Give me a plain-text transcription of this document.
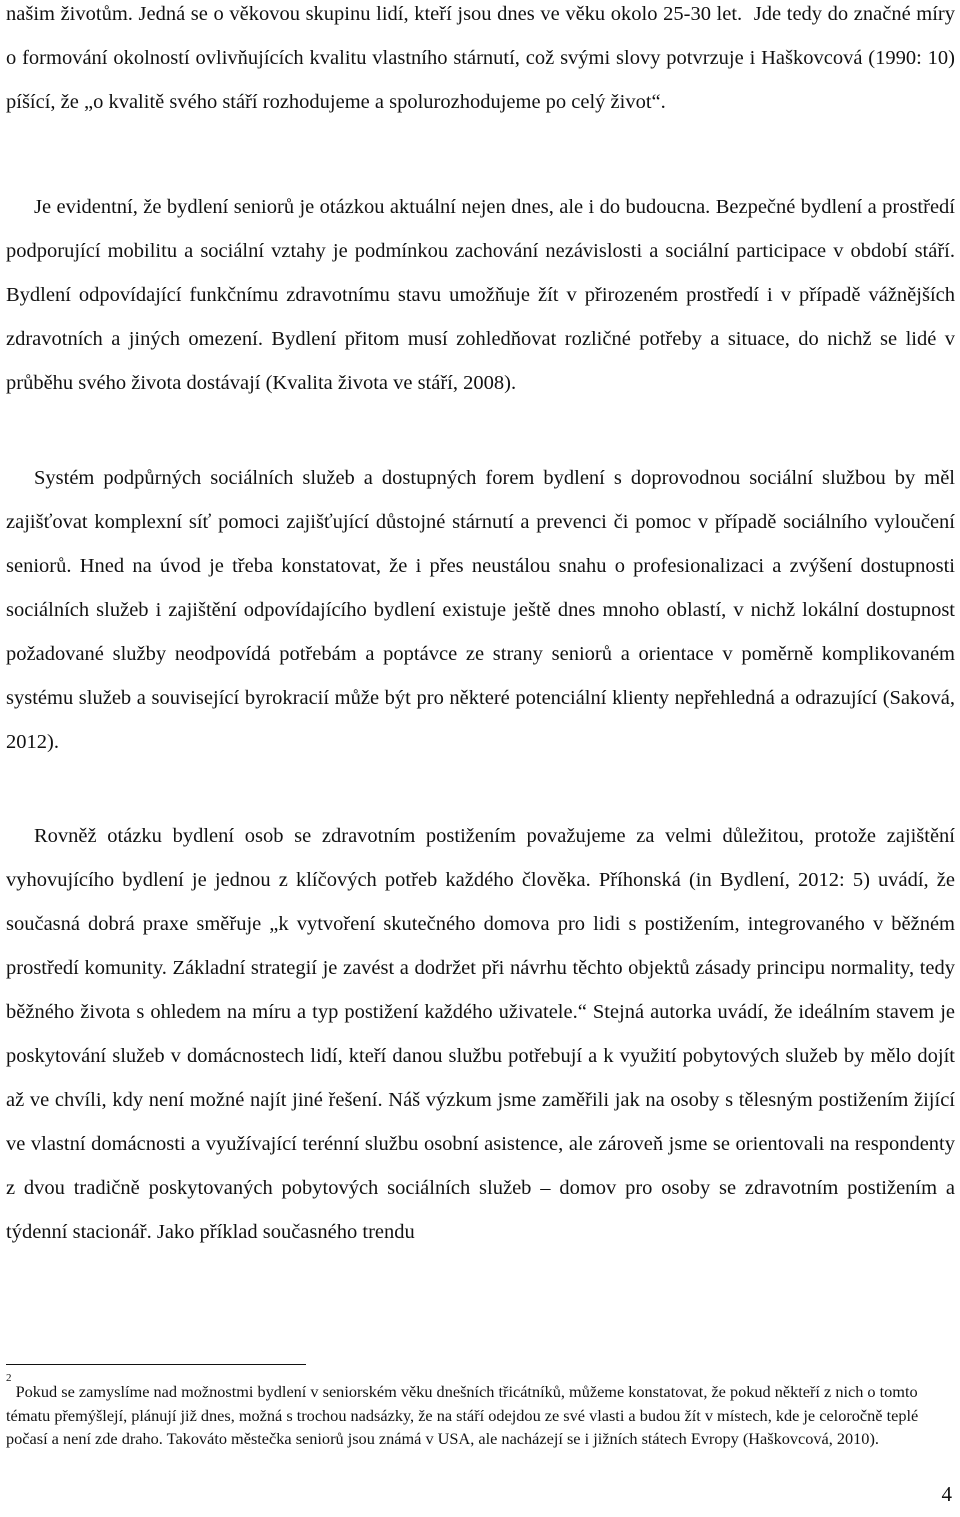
našim životům. Jedná se o věkovou skupinu lidí, kteří jsou dnes ve věku okolo 25-30 let. Jde tedy do značné míry o formování okolností ovlivňujících kvalitu vlastního stárnutí, což svými slovy potvrzuje i Haškovcová (1990: 10) píšící, že „o kvalitě svého stáří rozhodujeme a spolurozhodujeme po celý život“.

Je evidentní, že bydlení seniorů je otázkou aktuální nejen dnes, ale i do budoucna. Bezpečné bydlení a prostředí podporující mobilitu a sociální vztahy je podmínkou zachování nezávislosti a sociální participace v období stáří. Bydlení odpovídající funkčnímu zdravotnímu stavu umožňuje žít v přirozeném prostředí i v případě vážnějších zdravotních a jiných omezení. Bydlení přitom musí zohledňovat rozličné potřeby a situace, do nichž se lidé v průběhu svého života dostávají (Kvalita života ve stáří, 2008).

Systém podpůrných sociálních služeb a dostupných forem bydlení s doprovodnou sociální službou by měl zajišťovat komplexní síť pomoci zajišťující důstojné stárnutí a prevenci či pomoc v případě sociálního vyloučení seniorů. Hned na úvod je třeba konstatovat, že i přes neustálou snahu o profesionalizaci a zvýšení dostupnosti sociálních služeb i zajištění odpovídajícího bydlení existuje ještě dnes mnoho oblastí, v nichž lokální dostupnost požadované služby neodpovídá potřebám a poptávce ze strany seniorů a orientace v poměrně komplikovaném systému služeb a související byrokracií může být pro některé potenciální klienty nepřehledná a odrazující (Saková, 2012).

Rovněž otázku bydlení osob se zdravotním postižením považujeme za velmi důležitou, protože zajištění vyhovujícího bydlení je jednou z klíčových potřeb každého člověka. Příhonská (in Bydlení, 2012: 5) uvádí, že současná dobrá praxe směřuje „k vytvoření skutečného domova pro lidi s postižením, integrovaného v běžném prostředí komunity. Základní strategií je zavést a dodržet při návrhu těchto objektů zásady principu normality, tedy běžného života s ohledem na míru a typ postižení každého uživatele.“ Stejná autorka uvádí, že ideálním stavem je poskytování služeb v domácnostech lidí, kteří danou službu potřebují a k využití pobytových služeb by mělo dojít až ve chvíli, kdy není možné najít jiné řešení. Náš výzkum jsme zaměřili jak na osoby s tělesným postižením žijící ve vlastní domácnosti a využívající terénní službu osobní asistence, ale zároveň jsme se orientovali na respondenty z dvou tradičně poskytovaných pobytových sociálních služeb – domov pro osoby se zdravotním postižením a týdenní stacionář. Jako příklad současného trendu

$^2$ Pokud se zamyslíme nad možnostmi bydlení v seniorském věku dnešních třicátníků, můžeme konstatovat, že pokud někteří z nich o tomto tématu přemýšlejí, plánují již dnes, možná s trochou nadsázky, že na stáří odejdou ze své vlasti a budou žít v místech, kde je celoročně teplé počasí a není zde draho. Takováto městečka seniorů jsou známá v USA, ale nacházejí se i jižních státech Evropy (Haškovcová, 2010).

4
